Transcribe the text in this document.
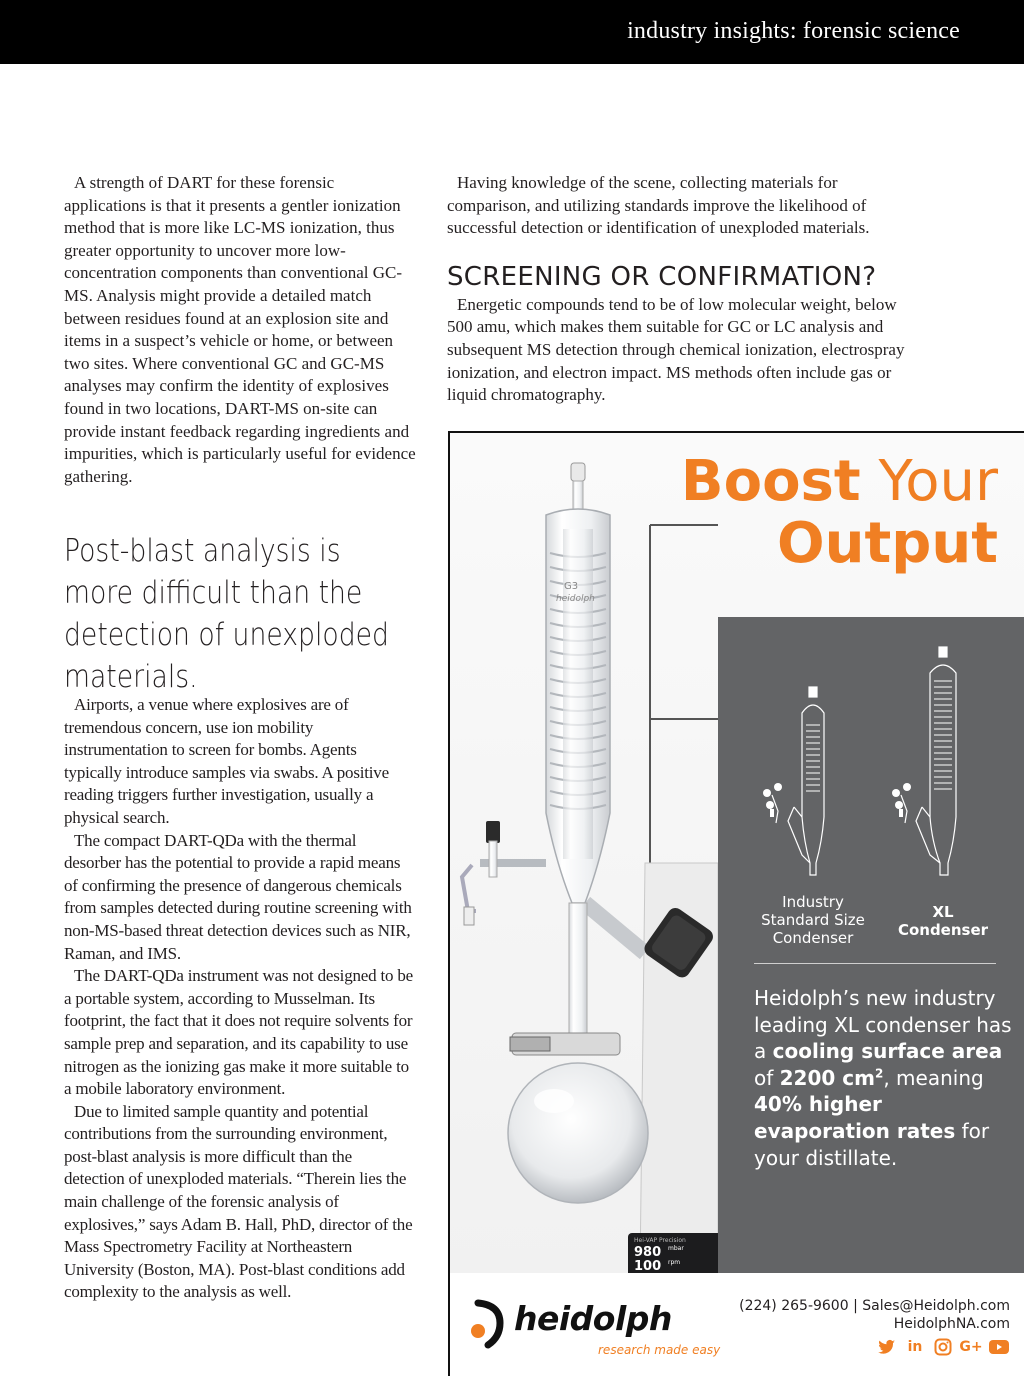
industry insights: forensic science

A strength of DART for these forensic applications is that it presents a gentler ionization method that is more like LC-MS ionization, thus greater opportunity to uncover more low-concentration components than conventional GC-MS. Analysis might provide a detailed match between residues found at an explosion site and items in a suspect’s vehicle or home, or between two sites. Where conventional GC and GC-MS analyses may confirm the identity of explosives found in two locations, DART-MS on-site can provide instant feedback regarding ingredients and impurities, which is particularly useful for evidence gathering.

Post-blast analysis is more difficult than the detection of unexploded materials.

Airports, a venue where explosives are of tremendous concern, use ion mobility instrumentation to screen for bombs. Agents typically introduce samples via swabs. A positive reading triggers further investigation, usually a physical search.

The compact DART-QDa with the thermal desorber has the potential to provide a rapid means of confirming the presence of dangerous chemicals from samples detected during routine screening with non-MS-based threat detection devices such as NIR, Raman, and IMS.

The DART-QDa instrument was not designed to be a portable system, according to Musselman. Its footprint, the fact that it does not require solvents for sample prep and separation, and its capability to use nitrogen as the ionizing gas make it more suitable to a mobile laboratory environment.

Due to limited sample quantity and potential contributions from the surrounding environment, post-blast analysis is more difficult than the detection of unexploded materials. “Therein lies the main challenge of the forensic analysis of explosives,” says Adam B. Hall, PhD, director of the Mass Spectrometry Facility at Northeastern University (Boston, MA). Post-blast conditions add complexity to the analysis as well.

Having knowledge of the scene, collecting materials for comparison, and utilizing standards improve the likelihood of successful detection or identification of unexploded materials.

SCREENING OR CONFIRMATION?

Energetic compounds tend to be of low molecular weight, below 500 amu, which makes them suitable for GC or LC analysis and subsequent MS detection through chemical ionization, electrospray ionization, and electron impact. MS methods often include gas or liquid chromatography.

G3
heidolph
Hei-VAP Precision
980 mbar
100 rpm
Boost Your
Output
Industry Standard Size Condenser
XL Condenser
Heidolph’s new industry leading XL condenser has a cooling surface area of 2200 $cm^2$, meaning 40% higher evaporation rates for your distillate.
heidolph
research made easy
(224) 265-9600 | Sales@Heidolph.com
HeidolphNA.com
in	G+
